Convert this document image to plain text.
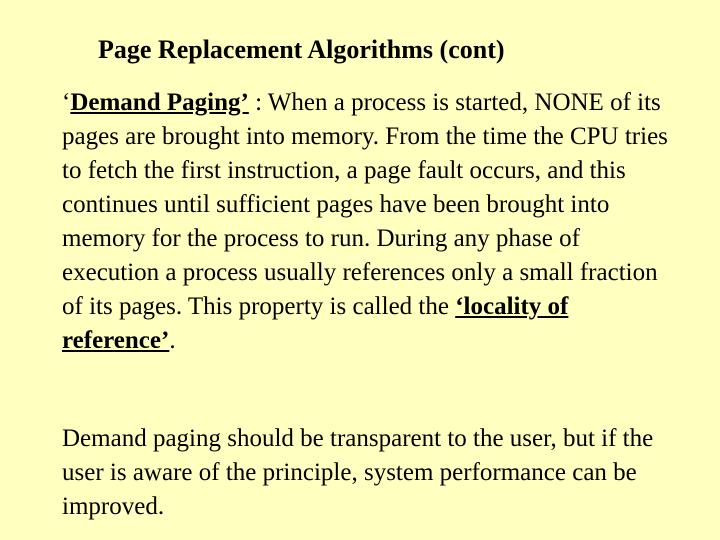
Page Replacement Algorithms (cont)
‘Demand Paging’ : When a process is started, NONE of its pages are brought into memory. From the time the CPU tries to fetch the first instruction, a page fault occurs, and this continues until sufficient pages have been brought into memory for the process to run. During any phase of execution a process usually references only a small fraction of its pages. This property is called the ‘locality of reference’.
Demand paging should be transparent to the user, but if the user is aware of the principle, system performance can be improved.
